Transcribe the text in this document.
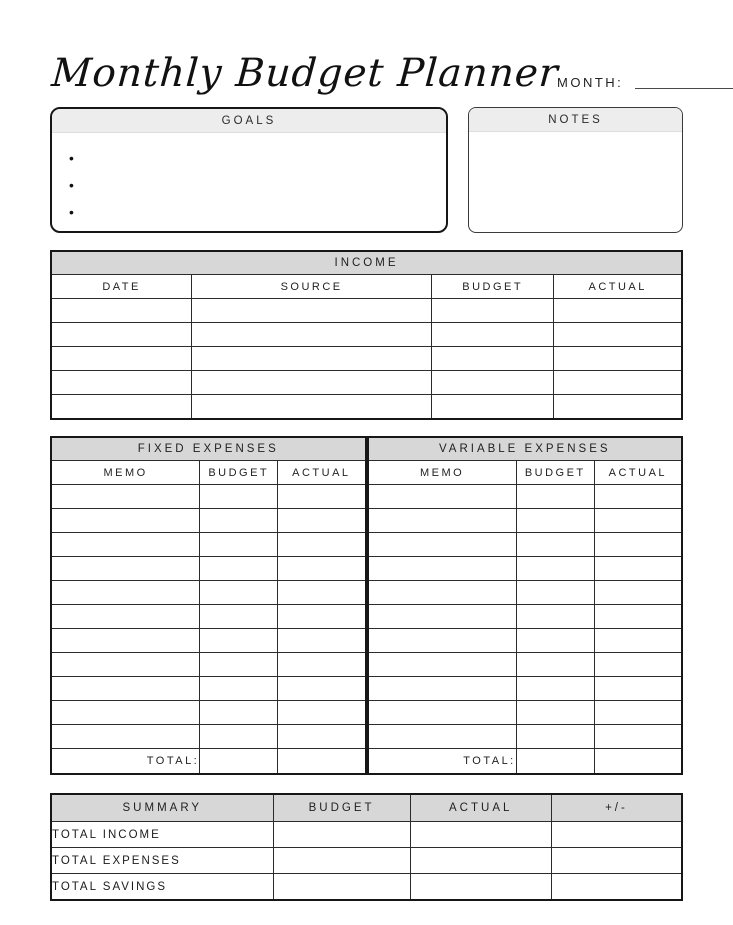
Monthly Budget Planner
MONTH:
GOALS
•
•
•
NOTES
INCOME			
DATE	SOURCE	BUDGET	ACTUAL

FIXED EXPENSES		
MEMO	BUDGET	ACTUAL

TOTAL:		
VARIABLE EXPENSES		
MEMO	BUDGET	ACTUAL

TOTAL:		
SUMMARY	BUDGET	ACTUAL	+/-
TOTAL INCOME			
TOTAL EXPENSES			
TOTAL SAVINGS			
